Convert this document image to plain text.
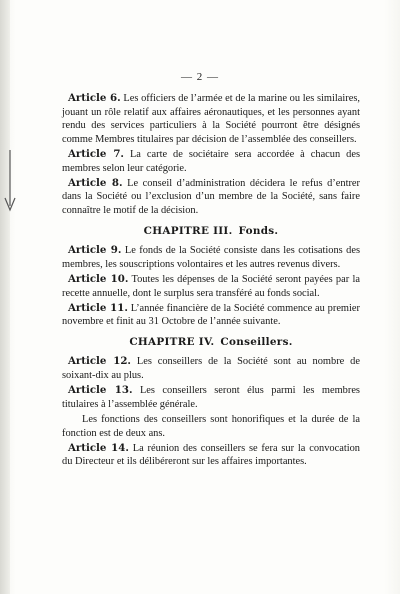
— 2 —

Article 6. Les officiers de l’armée et de la marine ou les similaires, jouant un rôle relatif aux affaires aéronautiques, et les personnes ayant rendu des services particuliers à la Société pourront être désignés comme Membres titulaires par décision de l’assemblée des conseillers.

Article 7. La carte de sociétaire sera accordée à chacun des membres selon leur catégorie.

Article 8. Le conseil d’administration décidera le refus d’entrer dans la Société ou l’exclusion d’un membre de la Société, sans faire connaître le motif de la décision.

CHAPITRE III. Fonds.

Article 9. Le fonds de la Société consiste dans les cotisations des membres, les souscriptions volontaires et les autres revenus divers.

Article 10. Toutes les dépenses de la Société seront payées par la recette annuelle, dont le surplus sera transféré au fonds social.

Article 11. L’année financière de la Société commence au premier novembre et finit au 31 Octobre de l’année suivante.

CHAPITRE IV. Conseillers.

Article 12. Les conseillers de la Société sont au nombre de soixant-dix au plus.

Article 13. Les conseillers seront élus parmi les membres titulaires à l’assemblée générale.

Les fonctions des conseillers sont honorifiques et la durée de la fonction est de deux ans.

Article 14. La réunion des conseillers se fera sur la convocation du Directeur et ils délibéreront sur les affaires importantes.
